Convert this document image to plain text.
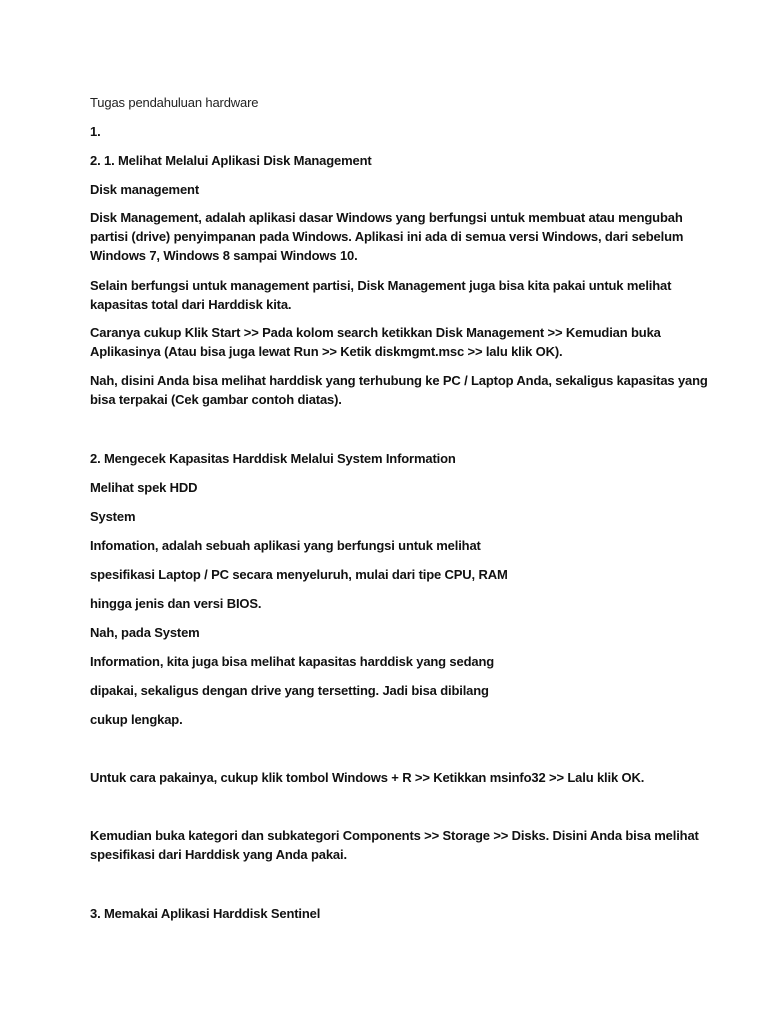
Tugas pendahuluan hardware
1.
2. 1. Melihat Melalui Aplikasi Disk Management
Disk management
Disk Management, adalah aplikasi dasar Windows yang berfungsi untuk membuat atau mengubah
partisi (drive) penyimpanan pada Windows. Aplikasi ini ada di semua versi Windows, dari sebelum
Windows 7, Windows 8 sampai Windows 10.
Selain berfungsi untuk management partisi, Disk Management juga bisa kita pakai untuk melihat
kapasitas total dari Harddisk kita.
Caranya cukup Klik Start >> Pada kolom search ketikkan Disk Management >> Kemudian buka
Aplikasinya (Atau bisa juga lewat Run >> Ketik diskmgmt.msc >> lalu klik OK).
Nah, disini Anda bisa melihat harddisk yang terhubung ke PC / Laptop Anda, sekaligus kapasitas yang
bisa terpakai (Cek gambar contoh diatas).
2. Mengecek Kapasitas Harddisk Melalui System Information
Melihat spek HDD
System
Infomation, adalah sebuah aplikasi yang berfungsi untuk melihat
spesifikasi Laptop / PC secara menyeluruh, mulai dari tipe CPU, RAM
hingga jenis dan versi BIOS.
Nah, pada System
Information, kita juga bisa melihat kapasitas harddisk yang sedang
dipakai, sekaligus dengan drive yang tersetting. Jadi bisa dibilang
cukup lengkap.
Untuk cara pakainya, cukup klik tombol Windows + R >> Ketikkan msinfo32 >> Lalu klik OK.
Kemudian buka kategori dan subkategori Components >> Storage >> Disks. Disini Anda bisa melihat
spesifikasi dari Harddisk yang Anda pakai.
3. Memakai Aplikasi Harddisk Sentinel
